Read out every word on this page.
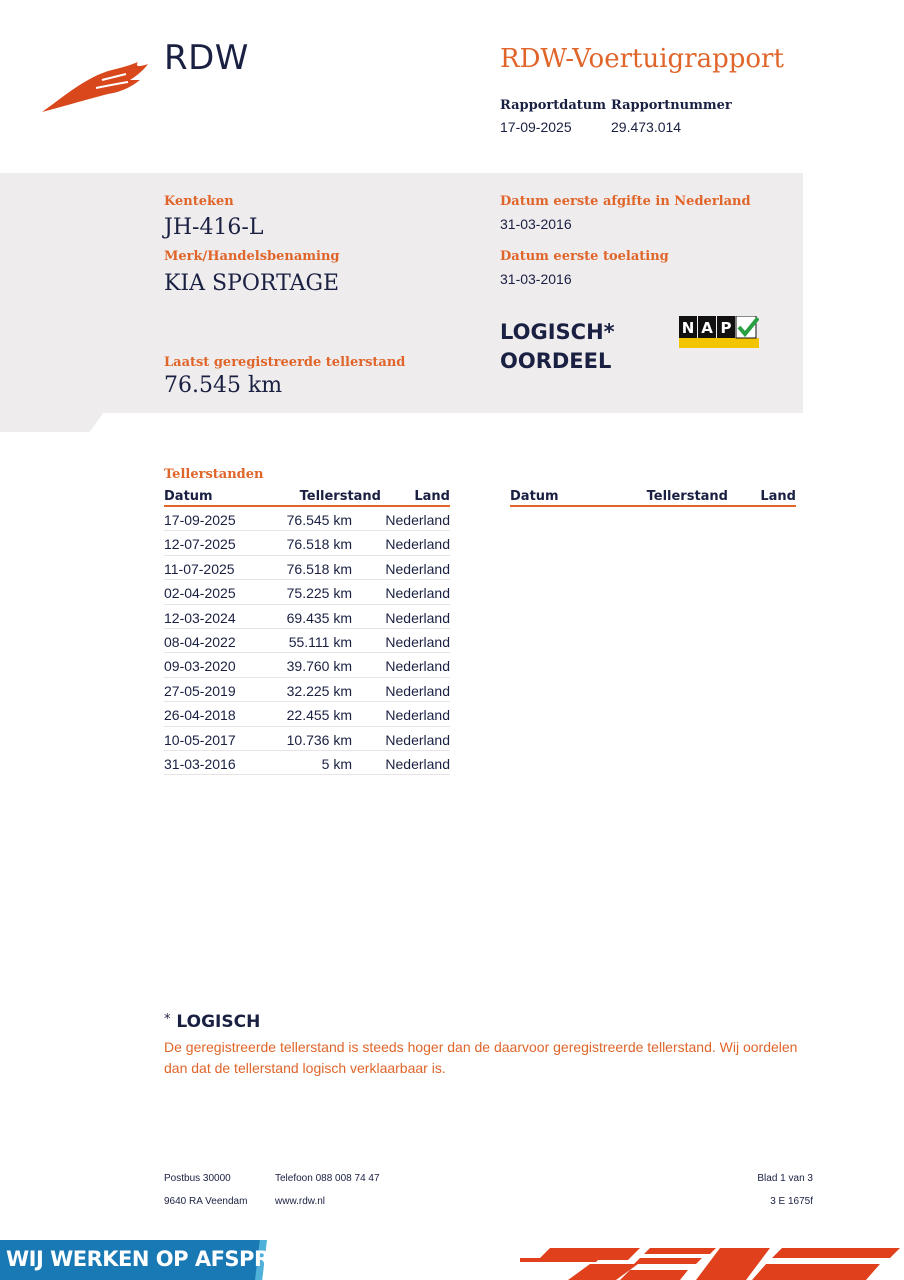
RDW	RDW-Voertuigrapport
Rapportdatum
17-09-2025
Rapportnummer
29.473.014
Kenteken
JH-416-L
Merk/Handelsbenaming
KIA SPORTAGE
Laatst geregistreerde tellerstand
76.545 km
Datum eerste afgifte in Nederland
31-03-2016
Datum eerste toelating
31-03-2016
LOGISCH*
OORDEEL
N A P
Tellerstanden
Datum	Tellerstand	Land
17-09-2025	76.545 km Nederland
12-07-2025	76.518 km Nederland
11-07-2025	76.518 km Nederland
02-04-2025	75.225 km Nederland
12-03-2024	69.435 km Nederland
08-04-2022	55.111 km Nederland
09-03-2020	39.760 km Nederland
27-05-2019	32.225 km Nederland
26-04-2018	22.455 km Nederland
10-05-2017	10.736 km Nederland
31-03-2016	5 km Nederland
Datum	Tellerstand Land
* LOGISCH
De geregistreerde tellerstand is steeds hoger dan de daarvoor geregistreerde tellerstand. Wij oordelen dan dat de tellerstand logisch verklaarbaar is.
Postbus 30000
9640 RA Veendam
Telefoon 088 008 74 47
www.rdw.nl
Blad 1 van 3
3 E 1675f
WIJ WERKEN OP AFSPRAAK
